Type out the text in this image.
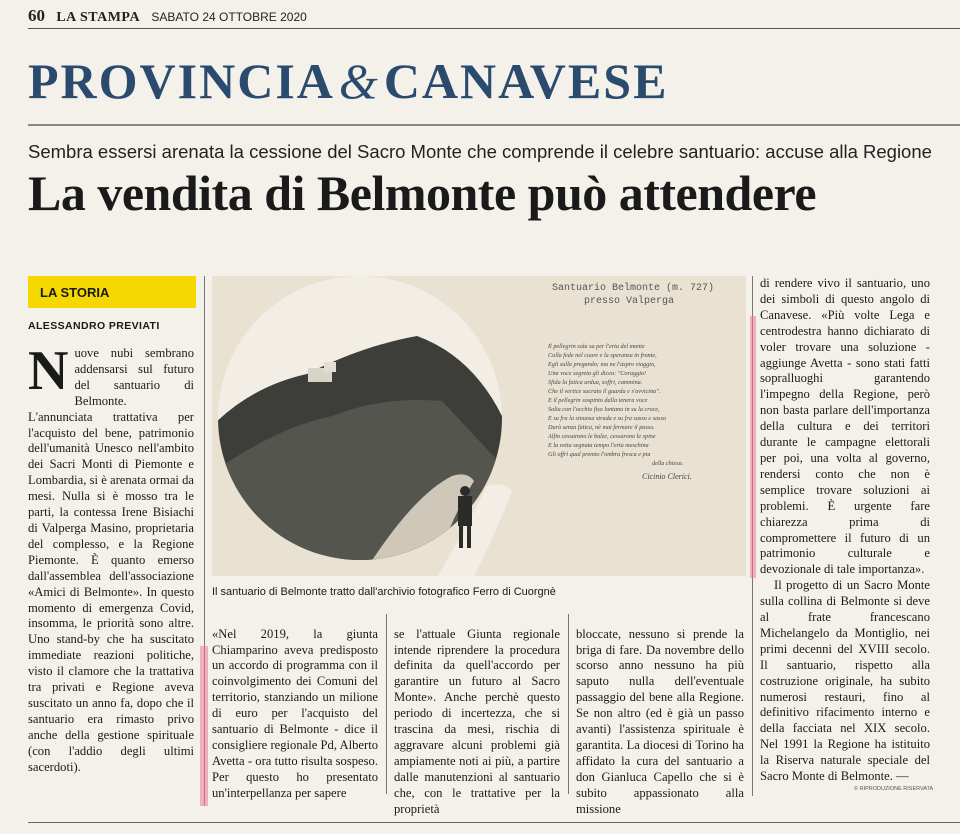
60 LA STAMPA SABATO 24 OTTOBRE 2020
PROVINCIA&CANAVESE
Sembra essersi arenata la cessione del Sacro Monte che comprende il celebre santuario: accuse alla Regione
La vendita di Belmonte può attendere
LA STORIA
ALESSANDRO PREVIATI
N uove nubi sembrano addensarsi sul futuro del santuario di Belmonte. L'annunciata trattativa per l'acquisto del bene, patrimonio dell'umanità Unesco nell'ambito dei Sacri Monti di Piemonte e Lombardia, si è arenata ormai da mesi. Nulla si è mosso tra le parti, la contessa Irene Bisiachi di Valperga Masino, proprietaria del complesso, e la Regione Piemonte. È quanto emerso dall'assemblea dell'associazione «Amici di Belmonte». In questo momento di emergenza Covid, insomma, le priorità sono altre. Uno stand-by che ha suscitato immediate reazioni politiche, visto il clamore che la trattativa tra privati e Regione aveva suscitato un anno fa, dopo che il santuario era rimasto privo anche della gestione spirituale (con l'addio degli ultimi sacerdoti).

Santuario Belmonte (m. 727)
presso Valperga
Il pellegrin sola sa per l'erta del monte
Colla fede nel cuore e la speranza in fronte,
Egli sulla pregando; ma ne l'aspro viaggio,
Una voce segreta gli dicea: "Coraggio!
Sfida la fatica ardua, soffri, cammina.
Che il vertice sacrato il guarda e s'avvicina".
E il pellegrin sospinto dalla tenera voce
Salia con l'occhio fiso lontano in su la croce,
E su fra la sinuosa strada e su fra sasso e sasso
Durò senza fatica, nè mai fermare il passo.
Alfin cessarono le balze, cessarono le spine
E la vetta segnata tempo l'erta meschina
Gli offrì qual premio l'ombra fresca e pia
della chiesa.
Cicinio Clerici.
Il santuario di Belmonte tratto dall'archivio fotografico Ferro di Cuorgnè

«Nel 2019, la giunta Chiamparino aveva predisposto un accordo di programma con il coinvolgimento dei Comuni del territorio, stanziando un milione di euro per l'acquisto del santuario di Belmonte - dice il consigliere regionale Pd, Alberto Avetta - ora tutto risulta sospeso. Per questo ho presentato un'interpellanza per sapere

se l'attuale Giunta regionale intende riprendere la procedura definita da quell'accordo per garantire un futuro al Sacro Monte». Anche perchè questo periodo di incertezza, che si trascina da mesi, rischia di aggravare alcuni problemi già ampiamente noti ai più, a partire dalle manutenzioni al santuario che, con le trattative per la proprietà

bloccate, nessuno si prende la briga di fare. Da novembre dello scorso anno nessuno ha più saputo nulla dell'eventuale passaggio del bene alla Regione. Se non altro (ed è già un passo avanti) l'assistenza spirituale è garantita. La diocesi di Torino ha affidato la cura del santuario a don Gianluca Capello che si è subito appassionato alla missione

di rendere vivo il santuario, uno dei simboli di questo angolo di Canavese. «Più volte Lega e centrodestra hanno dichiarato di voler trovare una soluzione - aggiunge Avetta - sono stati fatti sopralluoghi garantendo l'impegno della Regione, però non basta parlare dell'importanza della cultura e dei territori durante le campagne elettorali per poi, una volta al governo, rendersi conto che non è semplice trovare soluzioni ai problemi. È urgente fare chiarezza prima di compromettere il futuro di un patrimonio culturale e devozionale di tale importanza».

Il progetto di un Sacro Monte sulla collina di Belmonte si deve al frate francescano Michelangelo da Montiglio, nei primi decenni del XVIII secolo. Il santuario, rispetto alla costruzione originale, ha subito numerosi restauri, fino al definitivo rifacimento interno e della facciata nel XIX secolo. Nel 1991 la Regione ha istituito la Riserva naturale speciale del Sacro Monte di Belmonte. —

© RIPRODUZIONE RISERVATA
